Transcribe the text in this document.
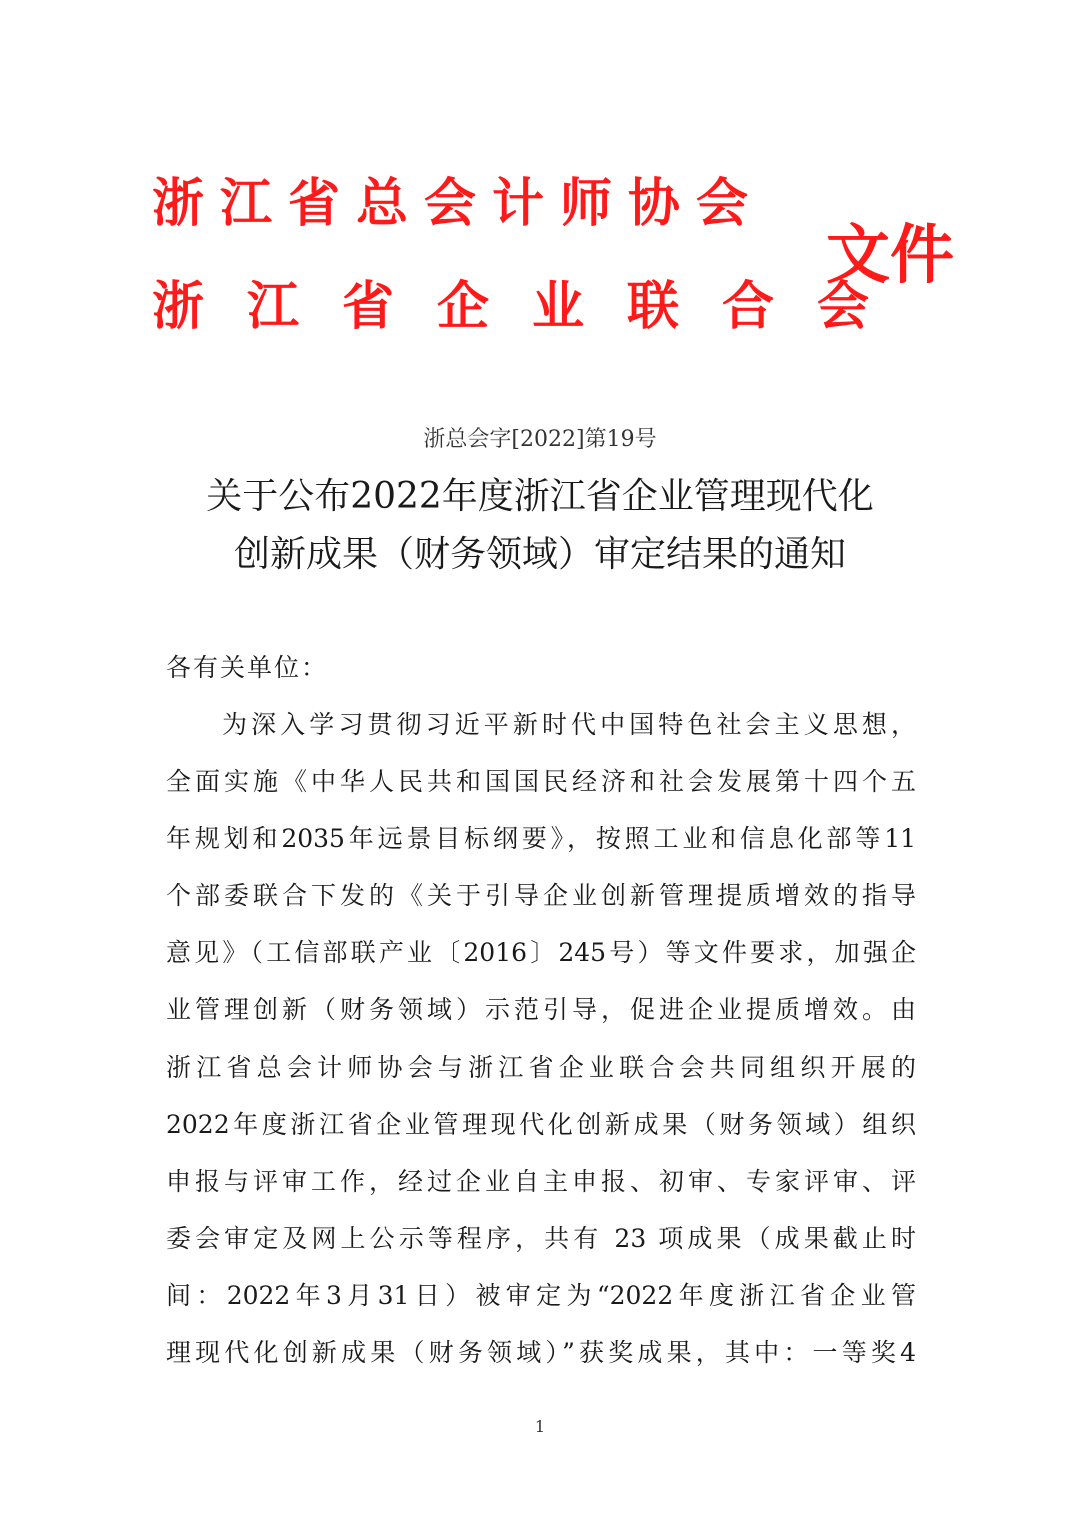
浙江省总会计师协会
浙江省企业联合会
文件
浙总会字[2022]第19号
关于公布2022年度浙江省企业管理现代化
创新成果（财务领域）审定结果的通知
各有关单位：
为深入学习贯彻习近平新时代中国特色社会主义思想，
全面实施《中华人民共和国国民经济和社会发展第十四个五
年规划和2035年远景目标纲要》，按照工业和信息化部等11
个部委联合下发的《关于引导企业创新管理提质增效的指导
意见》（工信部联产业〔2016〕245号）等文件要求，加强企
业管理创新（财务领域）示范引导，促进企业提质增效。由
浙江省总会计师协会与浙江省企业联合会共同组织开展的
2022年度浙江省企业管理现代化创新成果（财务领域）组织
申报与评审工作，经过企业自主申报、初审、专家评审、评
委会审定及网上公示等程序，共有 23 项成果（成果截止时
间：2022年3月31日）被审定为“2022年度浙江省企业管
理现代化创新成果（财务领域）”获奖成果，其中：一等奖4
1
